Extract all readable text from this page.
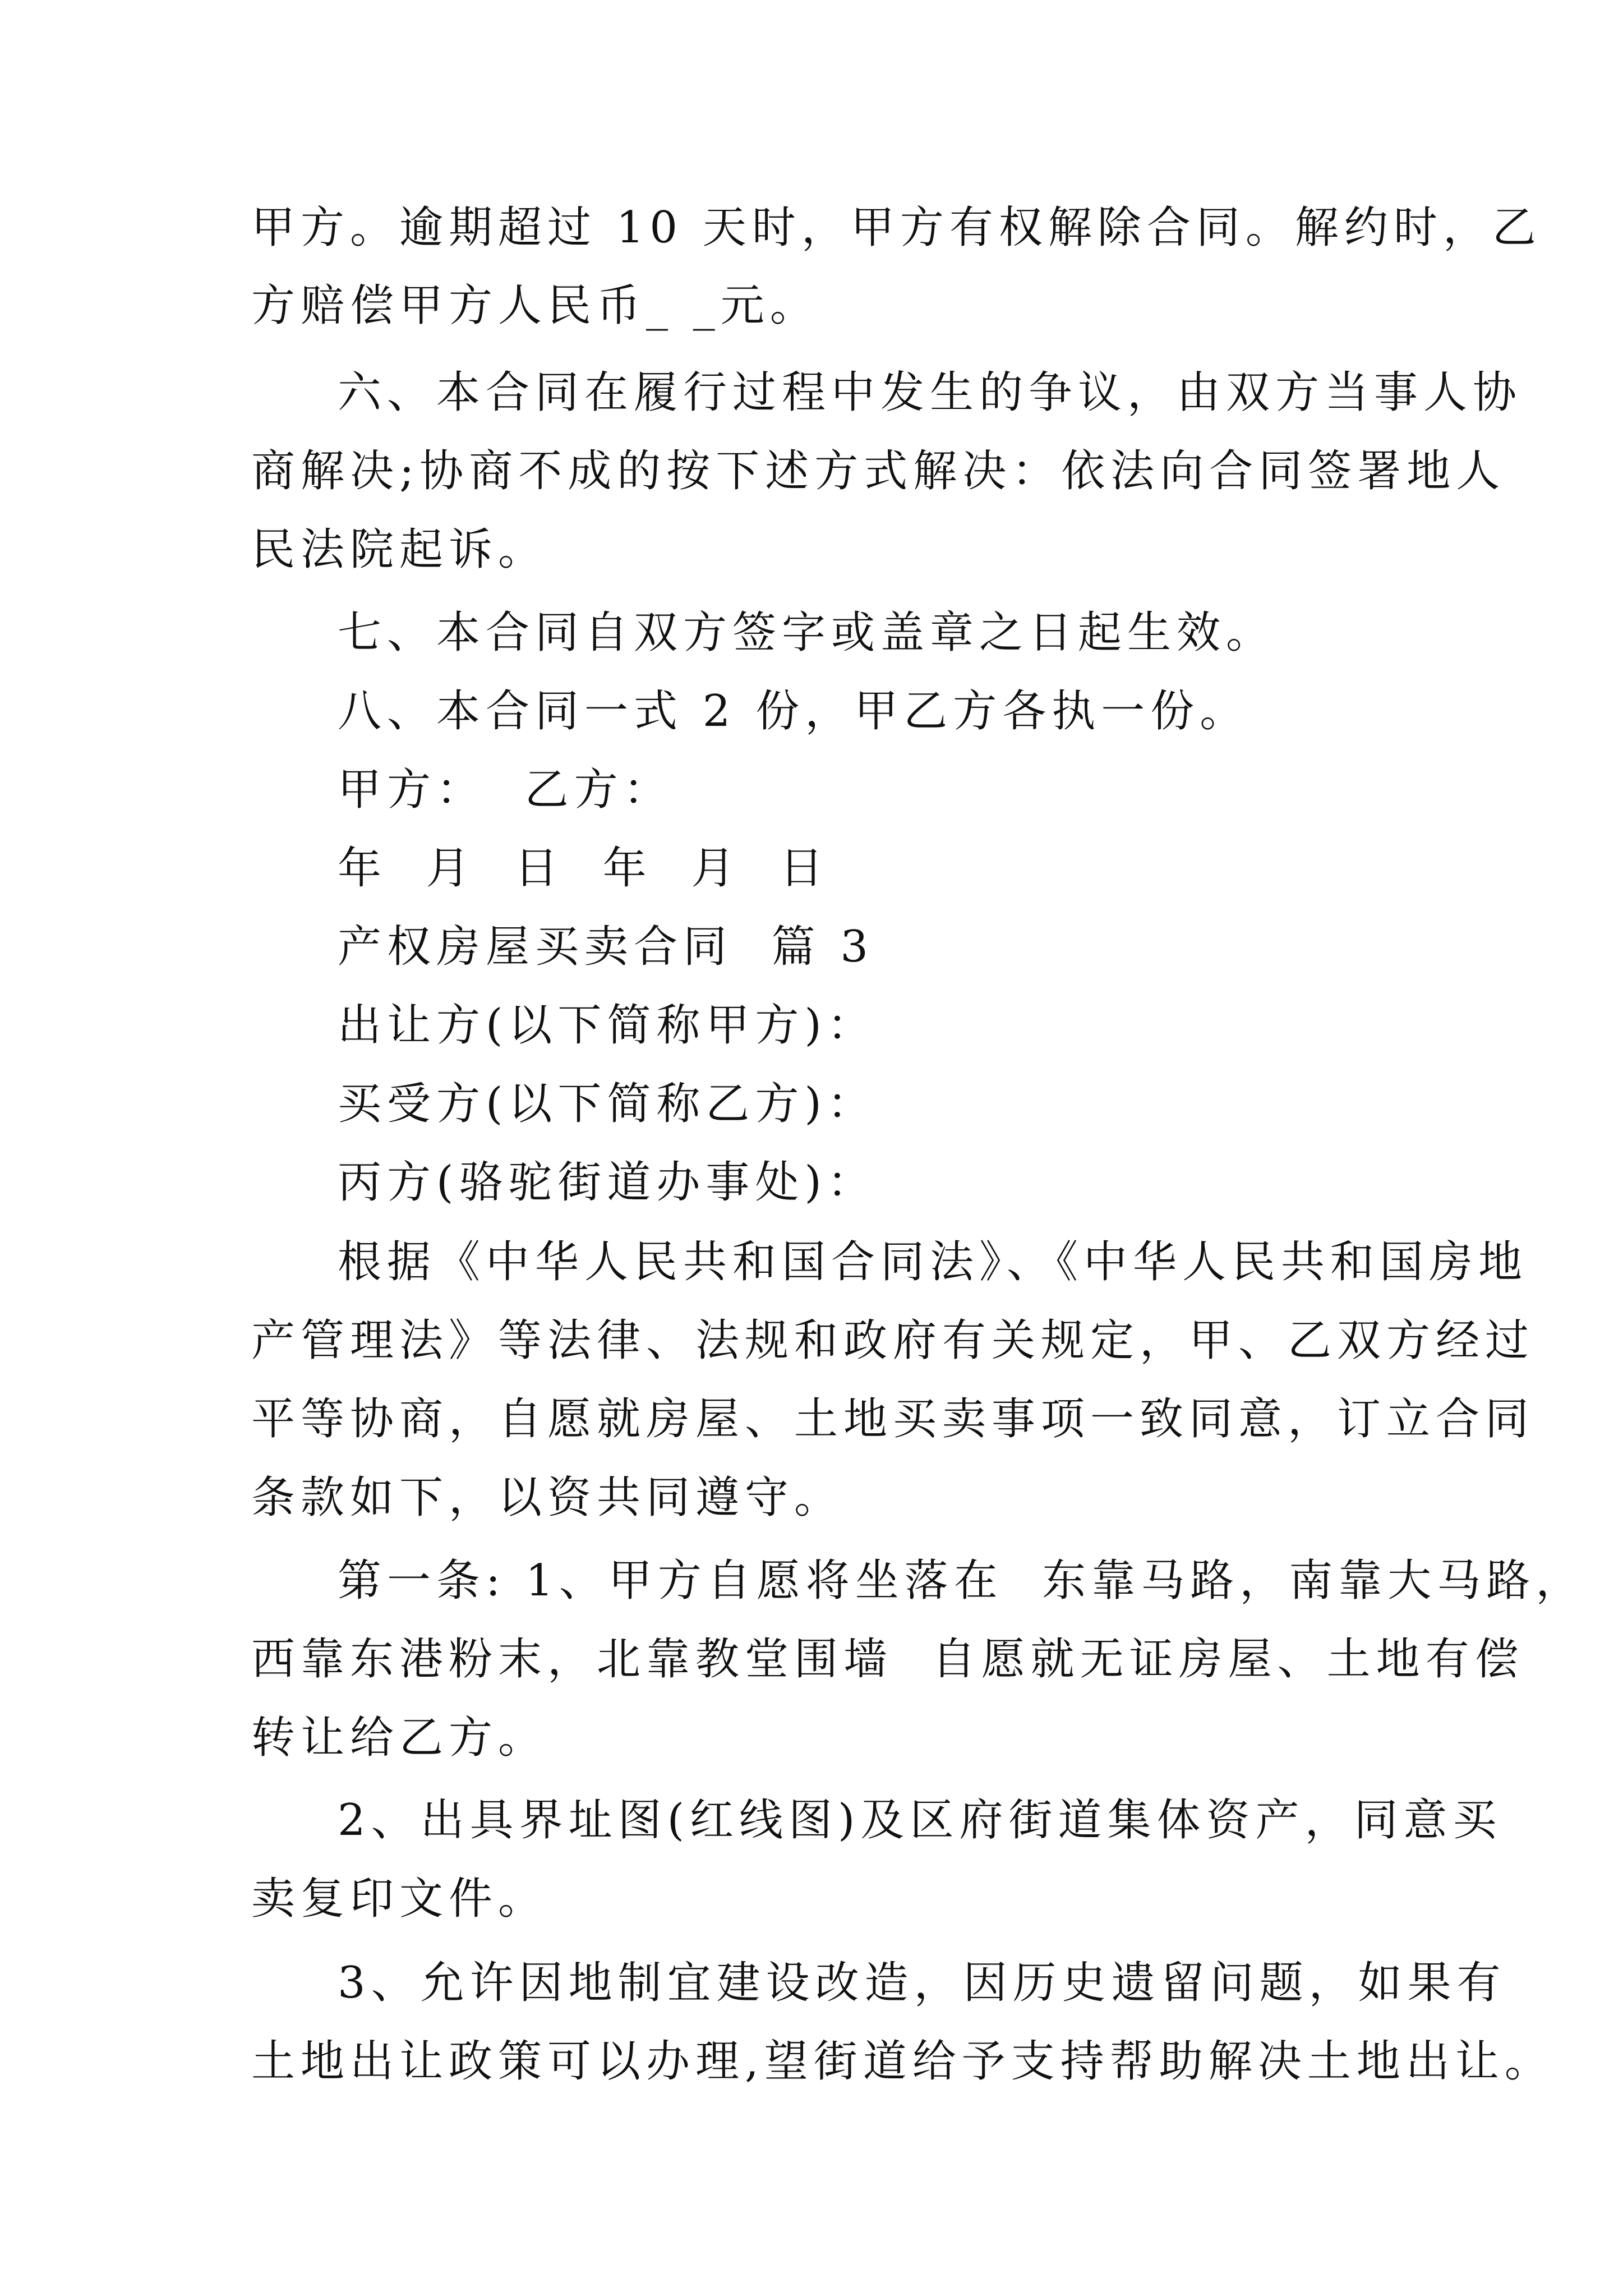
甲方。逾期超过 10 天时，甲方有权解除合同。解约时，乙

方赔偿甲方人民币_ _元。

六、本合同在履行过程中发生的争议，由双方当事人协

商解决;协商不成的按下述方式解决：依法向合同签署地人

民法院起诉。

七、本合同自双方签字或盖章之日起生效。

八、本合同一式 2 份，甲乙方各执一份。

甲方：  乙方：

年  月  日  年  月  日

产权房屋买卖合同  篇 3

出让方(以下简称甲方)：

买受方(以下简称乙方)：

丙方(骆驼街道办事处)：

根据《中华人民共和国合同法》、《中华人民共和国房地

产管理法》等法律、法规和政府有关规定，甲、乙双方经过

平等协商，自愿就房屋、土地买卖事项一致同意，订立合同

条款如下，以资共同遵守。

第一条: 1、甲方自愿将坐落在  东靠马路，南靠大马路，

西靠东港粉末，北靠教堂围墙  自愿就无证房屋、土地有偿

转让给乙方。

2、出具界址图(红线图)及区府街道集体资产，同意买

卖复印文件。

3、允许因地制宜建设改造，因历史遗留问题，如果有

土地出让政策可以办理,望街道给予支持帮助解决土地出让。
